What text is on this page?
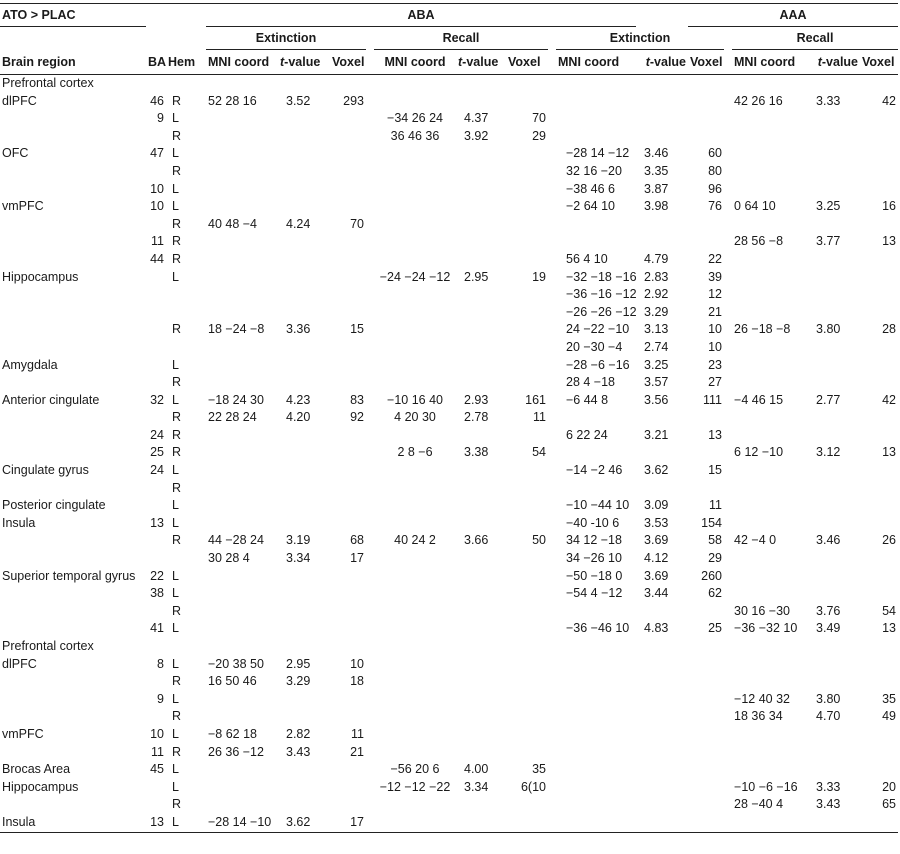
ATO > PLAC			ABA										AAA				
			Extinction				Recall				Extinction				Recall		
Brain region	BA	Hem	MNI coord	t-value	Voxel		MNI coord	t-value	Voxel		MNI coord	t-value	Voxel		MNI coord	t-value	Voxel
Prefrontal cortex																	
dlPFC	46	R	52 28 16	3.52	293										42 26 16	3.33	42
	9	L					−34 26 24	4.37	70								
		R					36 46 36	3.92	29								
OFC	47	L									−28 14 −12	3.46	60				
		R									32 16 −20	3.35	80				
	10	L									−38 46 6	3.87	96				
vmPFC	10	L									−2 64 10	3.98	76		0 64 10	3.25	16
		R	40 48 −4	4.24	70												
	11	R													28 56 −8	3.77	13
	44	R									56 4 10	4.79	22				
Hippocampus		L					−24 −24 −12	2.95	19		−32 −18 −16	2.83	39				
											−36 −16 −12	2.92	12				
											−26 −26 −12	3.29	21				
		R	18 −24 −8	3.36	15						24 −22 −10	3.13	10		26 −18 −8	3.80	28
											20 −30 −4	2.74	10				
Amygdala		L									−28 −6 −16	3.25	23				
		R									28 4 −18	3.57	27				
Anterior cingulate	32	L	−18 24 30	4.23	83		−10 16 40	2.93	161		−6 44 8	3.56	111		−4 46 15	2.77	42
		R	22 28 24	4.20	92		4 20 30	2.78	11								
	24	R									6 22 24	3.21	13				
	25	R					2 8 −6	3.38	54						6 12 −10	3.12	13
Cingulate gyrus	24	L									−14 −2 46	3.62	15				
		R															
Posterior cingulate		L									−10 −44 10	3.09	11				
Insula	13	L									−40 -10 6	3.53	154				
		R	44 −28 24	3.19	68		40 24 2	3.66	50		34 12 −18	3.69	58		42 −4 0	3.46	26
			30 28 4	3.34	17						34 −26 10	4.12	29				
Superior temporal gyrus	22	L									−50 −18 0	3.69	260				
	38	L									−54 4 −12	3.44	62				
		R													30 16 −30	3.76	54
	41	L									−36 −46 10	4.83	25		−36 −32 10	3.49	13
Prefrontal cortex																	
dlPFC	8	L	−20 38 50	2.95	10												
		R	16 50 46	3.29	18												
	9	L													−12 40 32	3.80	35
		R													18 36 34	4.70	49
vmPFC	10	L	−8 62 18	2.82	11												
	11	R	26 36 −12	3.43	21												
Brocas Area	45	L					−56 20 6	4.00	35								
Hippocampus		L					−12 −12 −22	3.34	6(10						−10 −6 −16	3.33	20
		R													28 −40 4	3.43	65
Insula	13	L	−28 14 −10	3.62	17												
